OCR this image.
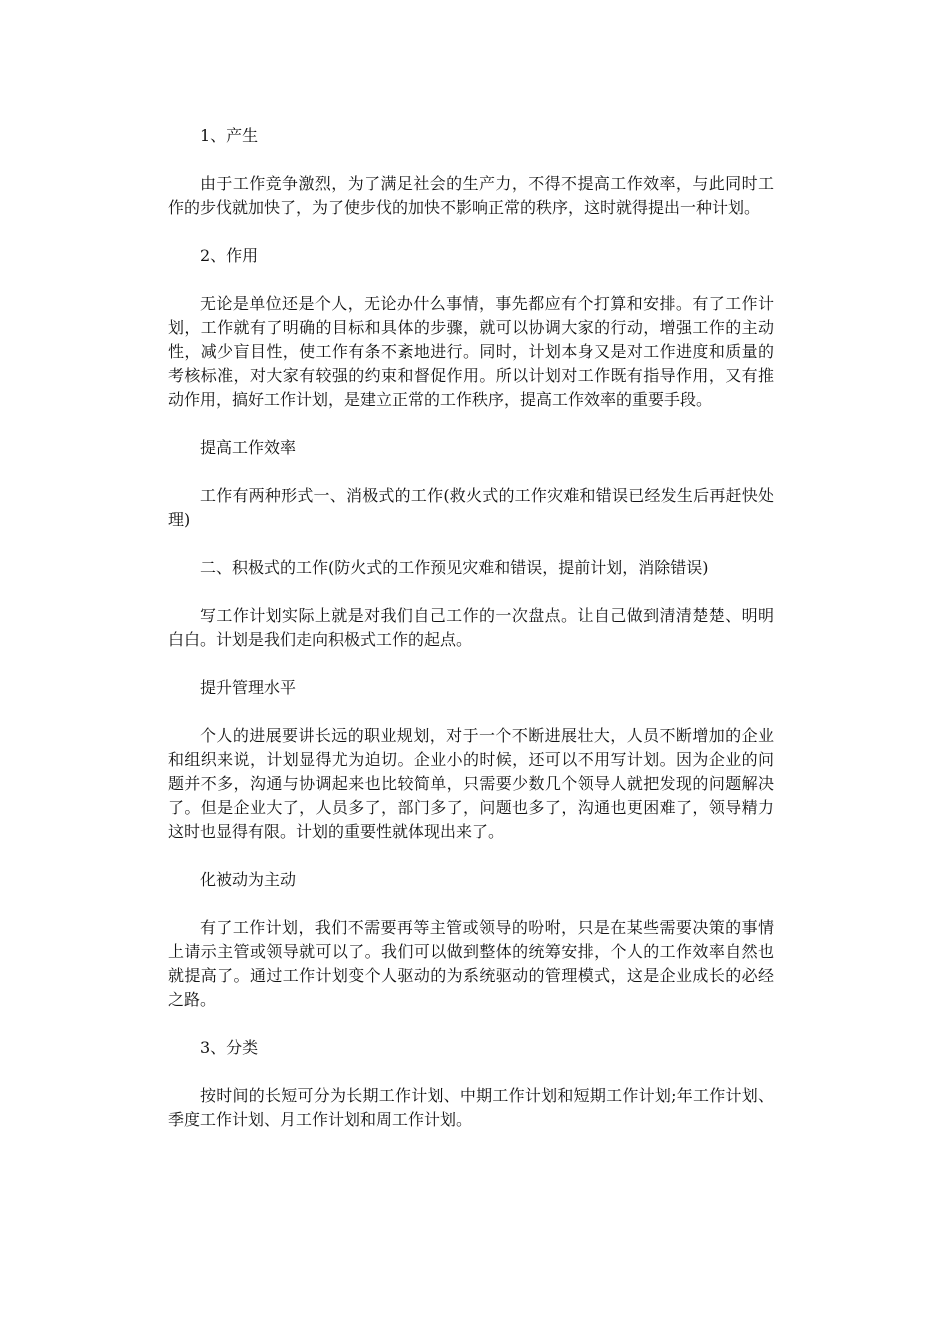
1、产生

由于工作竞争激烈，为了满足社会的生产力，不得不提高工作效率，与此同时工作的步伐就加快了，为了使步伐的加快不影响正常的秩序，这时就得提出一种计划。

2、作用

无论是单位还是个人，无论办什么事情，事先都应有个打算和安排。有了工作计划，工作就有了明确的目标和具体的步骤，就可以协调大家的行动，增强工作的主动性，减少盲目性，使工作有条不紊地进行。同时，计划本身又是对工作进度和质量的考核标准，对大家有较强的约束和督促作用。所以计划对工作既有指导作用，又有推动作用，搞好工作计划，是建立正常的工作秩序，提高工作效率的重要手段。

提高工作效率

工作有两种形式一、消极式的工作(救火式的工作灾难和错误已经发生后再赶快处理)

二、积极式的工作(防火式的工作预见灾难和错误，提前计划，消除错误)

写工作计划实际上就是对我们自己工作的一次盘点。让自己做到清清楚楚、明明白白。计划是我们走向积极式工作的起点。

提升管理水平

个人的进展要讲长远的职业规划，对于一个不断进展壮大，人员不断增加的企业和组织来说，计划显得尤为迫切。企业小的时候，还可以不用写计划。因为企业的问题并不多，沟通与协调起来也比较简单，只需要少数几个领导人就把发现的问题解决了。但是企业大了，人员多了，部门多了，问题也多了，沟通也更困难了，领导精力这时也显得有限。计划的重要性就体现出来了。

化被动为主动

有了工作计划，我们不需要再等主管或领导的吩咐，只是在某些需要决策的事情上请示主管或领导就可以了。我们可以做到整体的统筹安排，个人的工作效率自然也就提高了。通过工作计划变个人驱动的为系统驱动的管理模式，这是企业成长的必经之路。

3、分类

按时间的长短可分为长期工作计划、中期工作计划和短期工作计划;年工作计划、季度工作计划、月工作计划和周工作计划。
